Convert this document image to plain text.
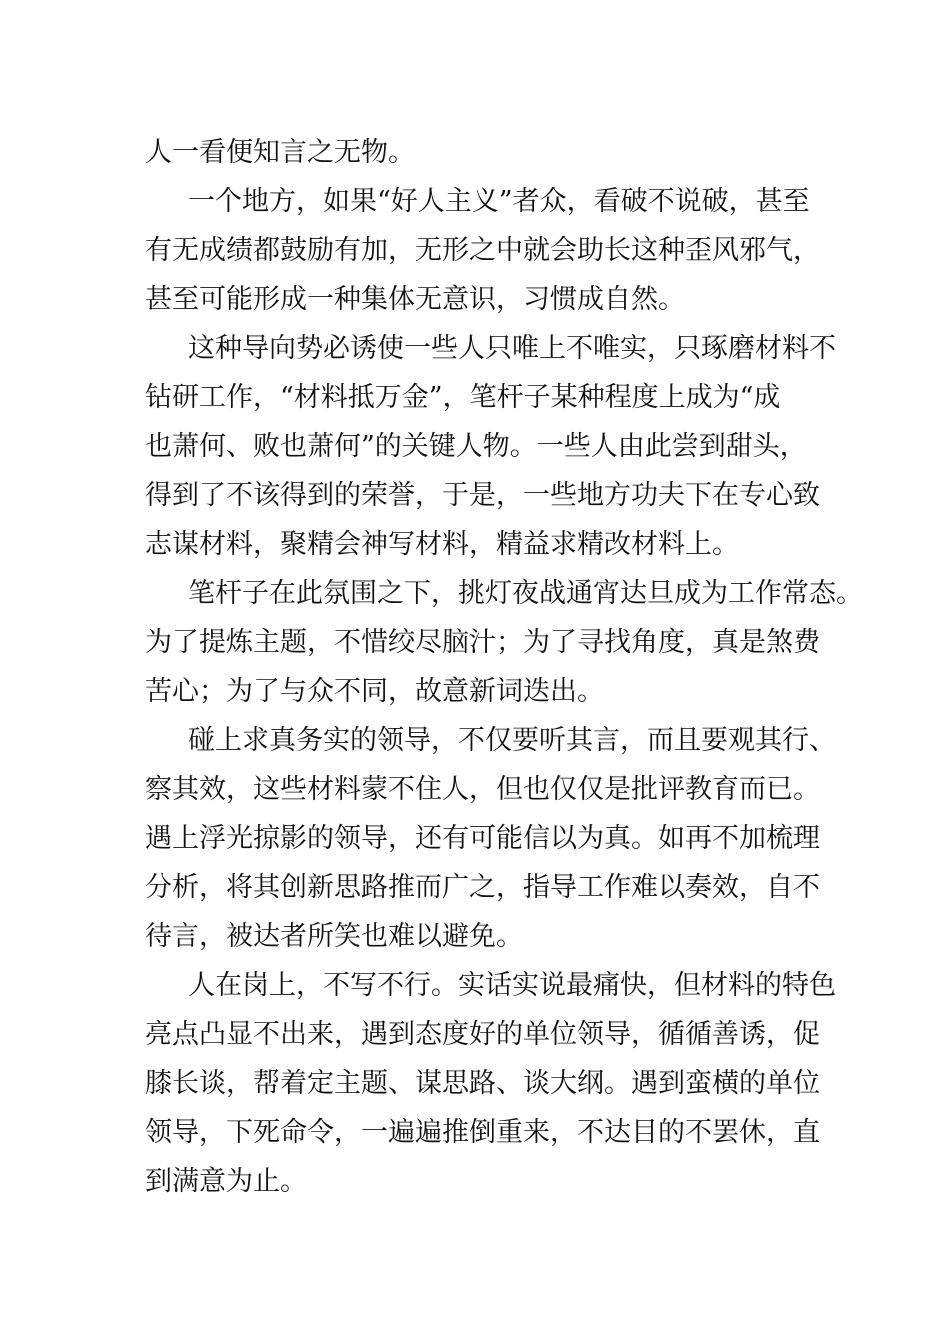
人一看便知言之无物。
一个地方，如果“好人主义”者众，看破不说破，甚至
有无成绩都鼓励有加，无形之中就会助长这种歪风邪气，
甚至可能形成一种集体无意识，习惯成自然。
这种导向势必诱使一些人只唯上不唯实，只琢磨材料不
钻研工作，“材料抵万金”，笔杆子某种程度上成为“成
也萧何、败也萧何”的关键人物。一些人由此尝到甜头，
得到了不该得到的荣誉，于是，一些地方功夫下在专心致
志谋材料，聚精会神写材料，精益求精改材料上。
笔杆子在此氛围之下，挑灯夜战通宵达旦成为工作常态。
为了提炼主题，不惜绞尽脑汁；为了寻找角度，真是煞费
苦心；为了与众不同，故意新词迭出。
碰上求真务实的领导，不仅要听其言，而且要观其行、
察其效，这些材料蒙不住人，但也仅仅是批评教育而已。
遇上浮光掠影的领导，还有可能信以为真。如再不加梳理
分析，将其创新思路推而广之，指导工作难以奏效，自不
待言，被达者所笑也难以避免。
人在岗上，不写不行。实话实说最痛快，但材料的特色
亮点凸显不出来，遇到态度好的单位领导，循循善诱，促
膝长谈，帮着定主题、谋思路、谈大纲。遇到蛮横的单位
领导，下死命令，一遍遍推倒重来，不达目的不罢休，直
到满意为止。
